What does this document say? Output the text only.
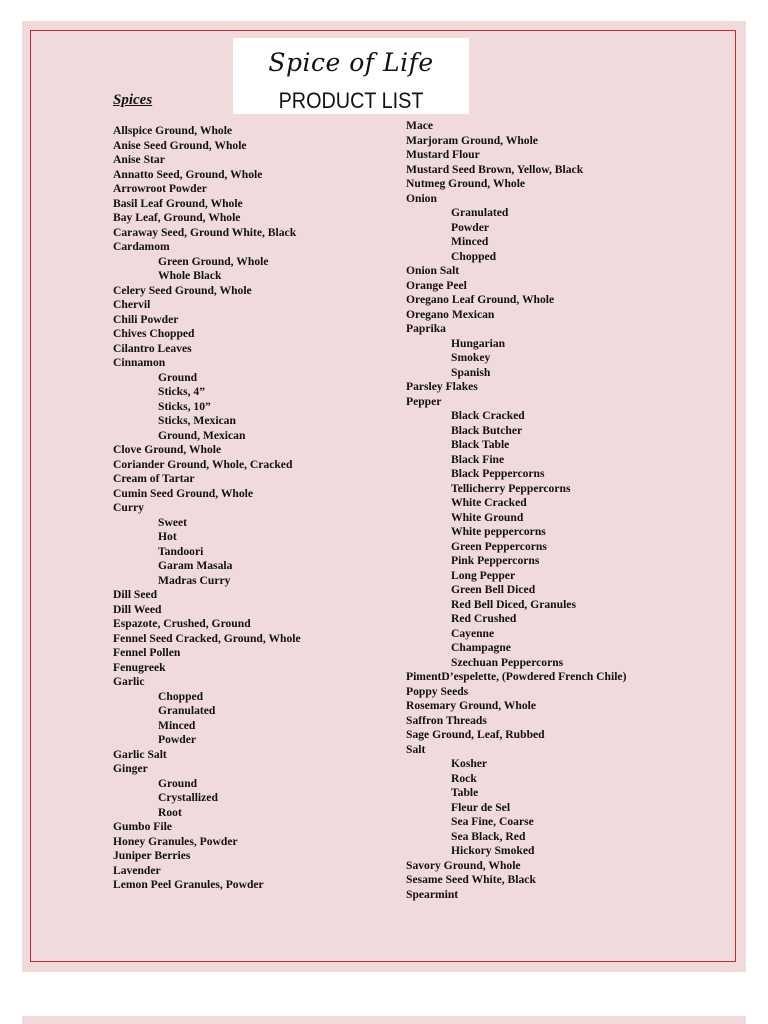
Spice of Life
PRODUCT LIST
Spices
Allspice Ground, Whole
Anise Seed Ground, Whole
Anise Star
Annatto Seed, Ground, Whole
Arrowroot Powder
Basil Leaf Ground, Whole
Bay Leaf, Ground, Whole
Caraway Seed, Ground White, Black
Cardamom
Green Ground, Whole
Whole Black
Celery Seed Ground, Whole
Chervil
Chili Powder
Chives Chopped
Cilantro Leaves
Cinnamon
Ground
Sticks, 4”
Sticks, 10”
Sticks, Mexican
Ground, Mexican
Clove Ground, Whole
Coriander Ground, Whole, Cracked
Cream of Tartar
Cumin Seed Ground, Whole
Curry
Sweet
Hot
Tandoori
Garam Masala
Madras Curry
Dill Seed
Dill Weed
Espazote, Crushed, Ground
Fennel Seed Cracked, Ground, Whole
Fennel Pollen
Fenugreek
Garlic
Chopped
Granulated
Minced
Powder
Garlic Salt
Ginger
Ground
Crystallized
Root
Gumbo File
Honey Granules, Powder
Juniper Berries
Lavender
Lemon Peel Granules, Powder
Mace
Marjoram Ground, Whole
Mustard Flour
Mustard Seed Brown, Yellow, Black
Nutmeg Ground, Whole
Onion
Granulated
Powder
Minced
Chopped
Onion Salt
Orange Peel
Oregano Leaf Ground, Whole
Oregano Mexican
Paprika
Hungarian
Smokey
Spanish
Parsley Flakes
Pepper
Black Cracked
Black Butcher
Black Table
Black Fine
Black Peppercorns
Tellicherry Peppercorns
White Cracked
White Ground
White peppercorns
Green Peppercorns
Pink Peppercorns
Long Pepper
Green Bell Diced
Red Bell Diced, Granules
Red Crushed
Cayenne
Champagne
Szechuan Peppercorns
PimentD’espelette, (Powdered French Chile)
Poppy Seeds
Rosemary Ground, Whole
Saffron Threads
Sage Ground, Leaf, Rubbed
Salt
Kosher
Rock
Table
Fleur de Sel
Sea Fine, Coarse
Sea Black, Red
Hickory Smoked
Savory Ground, Whole
Sesame Seed White, Black
Spearmint
